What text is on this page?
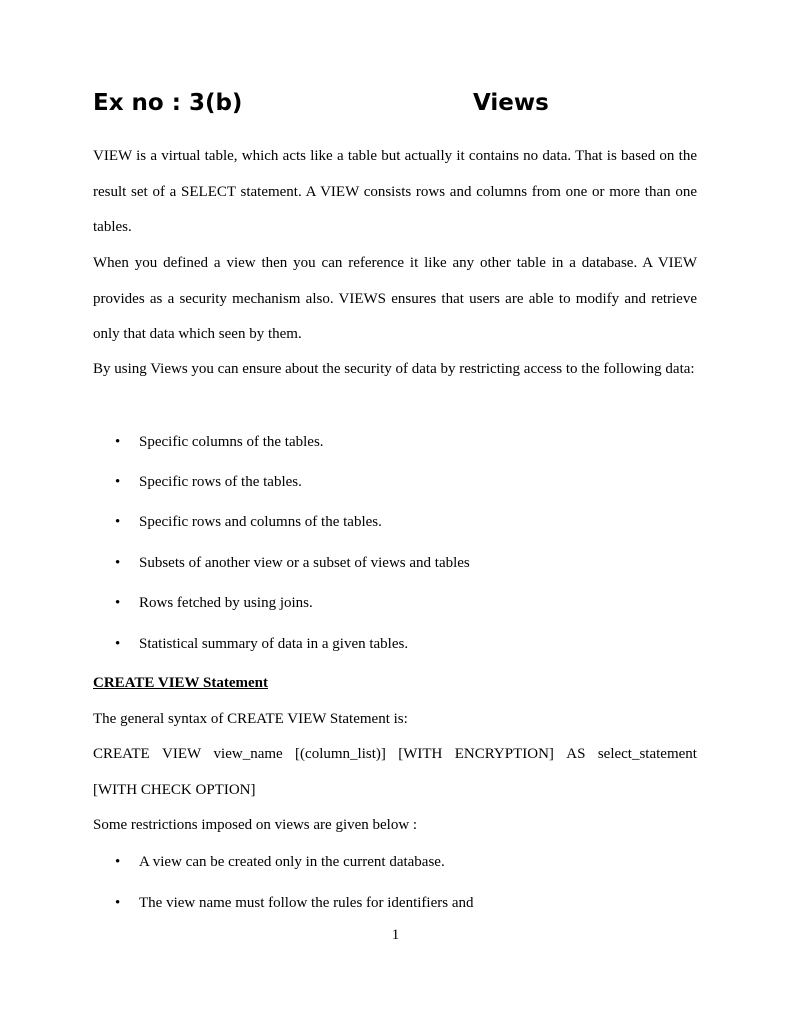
Ex no : 3(b)	Views
VIEW is a virtual table, which acts like a table but actually it contains no data. That is based on the result set of a SELECT statement. A VIEW consists rows and columns from one or more than one tables.
When you defined a view then you can reference it like any other table in a database. A VIEW provides as a security mechanism also. VIEWS ensures that users are able to modify and retrieve only that data which seen by them.
By using Views you can ensure about the security of data by restricting access to the following data:
•	Specific columns of the tables.
•	Specific rows of the tables.
•	Specific rows and columns of the tables.
•	Subsets of another view or a subset of views and tables
•	Rows fetched by using joins.
•	Statistical summary of data in a given tables.
CREATE VIEW Statement
The general syntax of CREATE VIEW Statement is:
CREATE VIEW view_name [(column_list)] [WITH ENCRYPTION] AS select_statement
[WITH CHECK OPTION]
Some restrictions imposed on views are given below :
•	A view can be created only in the current database.
•	The view name must follow the rules for identifiers and
1
